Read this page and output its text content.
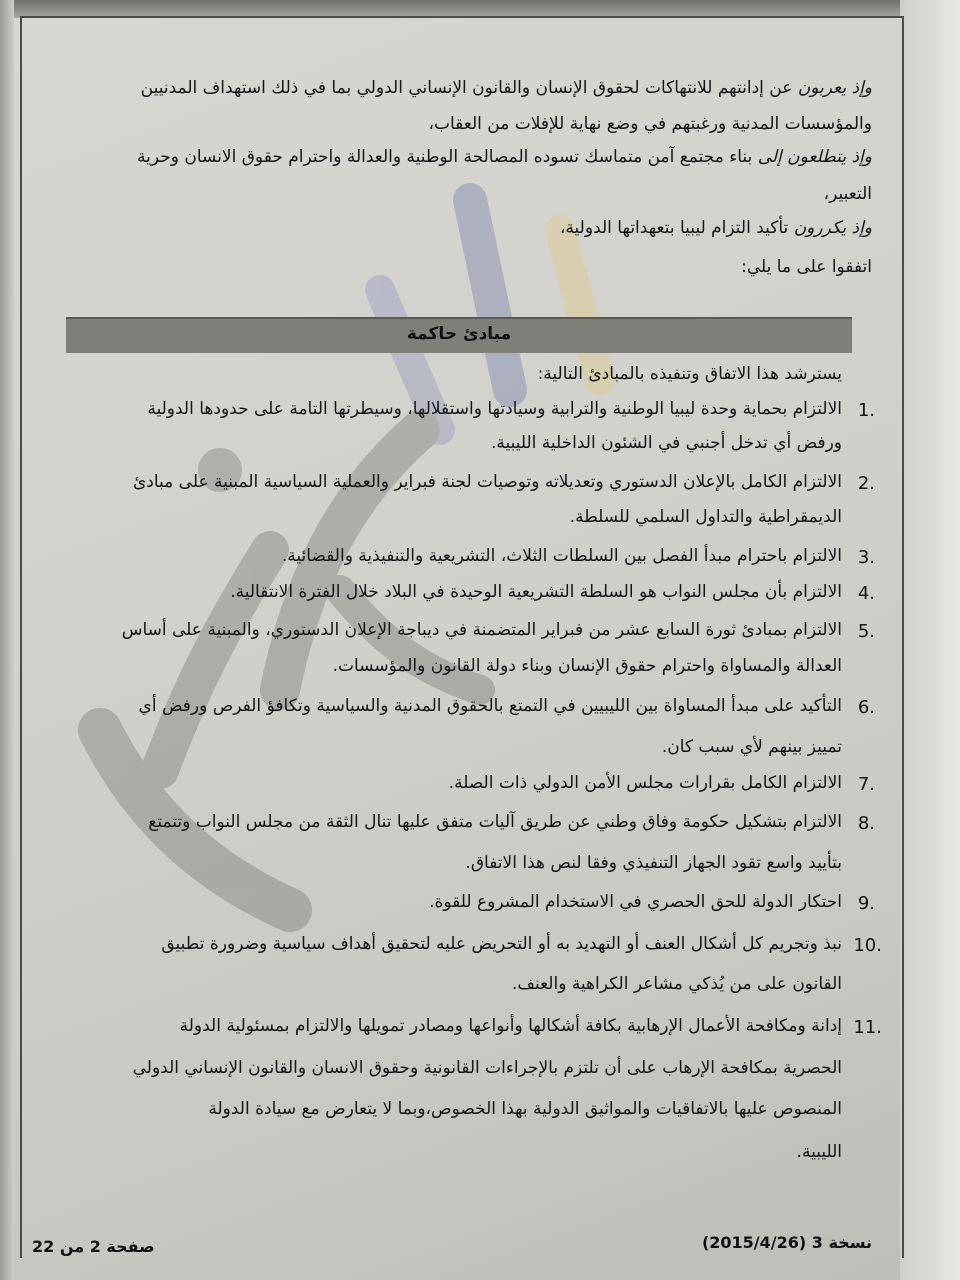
وإذ يعربون عن إدانتهم للانتهاكات لحقوق الإنسان والقانون الإنساني الدولي بما في ذلك استهداف المدنيين
والمؤسسات المدنية ورغبتهم في وضع نهاية للإفلات من العقاب،
وإذ يتطلعون إلى بناء مجتمع آمن متماسك تسوده المصالحة الوطنية والعدالة واحترام حقوق الانسان وحرية
التعبير،
وإذ يكررون تأكيد التزام ليبيا بتعهداتها الدولية،
اتفقوا على ما يلي:
مبادئ حاكمة
يسترشد هذا الاتفاق وتنفيذه بالمبادئ التالية:
1.
الالتزام بحماية وحدة ليبيا الوطنية والترابية وسيادتها واستقلالها، وسيطرتها التامة على حدودها الدولية
ورفض أي تدخل أجنبي في الشئون الداخلية الليبية.
2.
الالتزام الكامل بالإعلان الدستوري وتعديلاته وتوصيات لجنة فبراير والعملية السياسية المبنية على مبادئ
الديمقراطية والتداول السلمي للسلطة.
3.
الالتزام باحترام مبدأ الفصل بين السلطات الثلاث، التشريعية والتنفيذية والقضائية.
4.
الالتزام بأن مجلس النواب هو السلطة التشريعية الوحيدة في البلاد خلال الفترة الانتقالية.
5.
الالتزام بمبادئ ثورة السابع عشر من فبراير المتضمنة في ديباجة الإعلان الدستوري، والمبنية على أساس
العدالة والمساواة واحترام حقوق الإنسان وبناء دولة القانون والمؤسسات.
6.
التأكيد على مبدأ المساواة بين الليبيين في التمتع بالحقوق المدنية والسياسية وتكافؤ الفرص ورفض أي
تمييز بينهم لأي سبب كان.
7.
الالتزام الكامل بقرارات مجلس الأمن الدولي ذات الصلة.
8.
الالتزام بتشكيل حكومة وفاق وطني عن طريق آليات متفق عليها تنال الثقة من مجلس النواب وتتمتع
بتأييد واسع تقود الجهاز التنفيذي وفقا لنص هذا الاتفاق.
9.
احتكار الدولة للحق الحصري في الاستخدام المشروع للقوة.
10.
نبذ وتجريم كل أشكال العنف أو التهديد به أو التحريض عليه لتحقيق أهداف سياسية وضرورة تطبيق
القانون على من يُذكي مشاعر الكراهية والعنف.
11.
إدانة ومكافحة الأعمال الإرهابية بكافة أشكالها وأنواعها ومصادر تمويلها والالتزام بمسئولية الدولة
الحصرية بمكافحة الإرهاب على أن تلتزم بالإجراءات القانونية وحقوق الانسان والقانون الإنساني الدولي
المنصوص عليها بالاتفاقيات والمواثيق الدولية بهذا الخصوص،وبما لا يتعارض مع سيادة الدولة
الليبية.
نسخة 3 (2015/4/26)
صفحة 2 من 22
